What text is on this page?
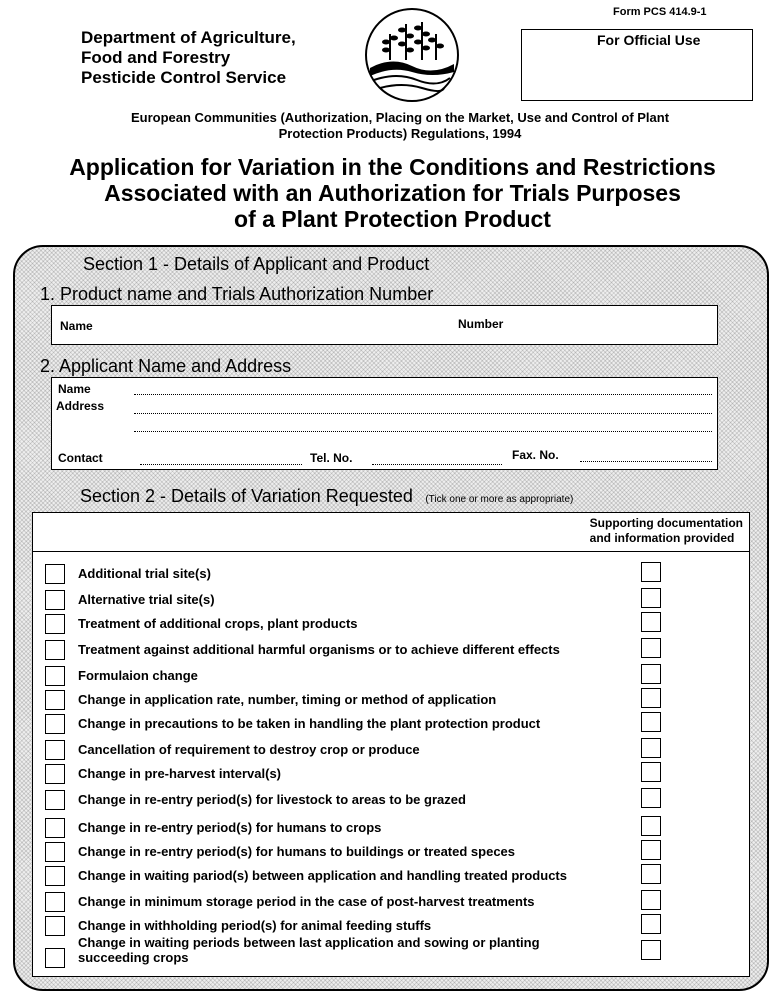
Department of Agriculture,
Food and Forestry
Pesticide Control Service
Form PCS 414.9-1
For Official Use
European Communities (Authorization, Placing on the Market, Use and Control of Plant
Protection Products) Regulations, 1994
Application for Variation in the Conditions and Restrictions
Associated with an Authorization for Trials Purposes
of a Plant Protection Product
Section 1 - Details of Applicant and Product
1. Product name and Trials Authorization Number
Name	Number
2. Applicant Name and Address
Name
Address
Contact	Tel. No.	Fax. No.
Section 2 - Details of Variation Requested (Tick one or more as appropriate)
Supporting documentation
and information provided
Additional trial site(s)
Alternative trial site(s)
Treatment of additional crops, plant products
Treatment against additional harmful organisms or to achieve different effects
Formulaion change
Change in application rate, number, timing or method of application
Change in precautions to be taken in handling the plant protection product
Cancellation of requirement to destroy crop or produce
Change in pre-harvest interval(s)
Change in re-entry period(s) for livestock to areas to be grazed
Change in re-entry period(s) for humans to crops
Change in re-entry period(s) for humans to buildings or treated speces
Change in waiting pariod(s) between application and handling treated products
Change in minimum storage period in the case of post-harvest treatments
Change in withholding period(s) for animal feeding stuffs
Change in waiting periods between last application and sowing or planting succeeding crops
